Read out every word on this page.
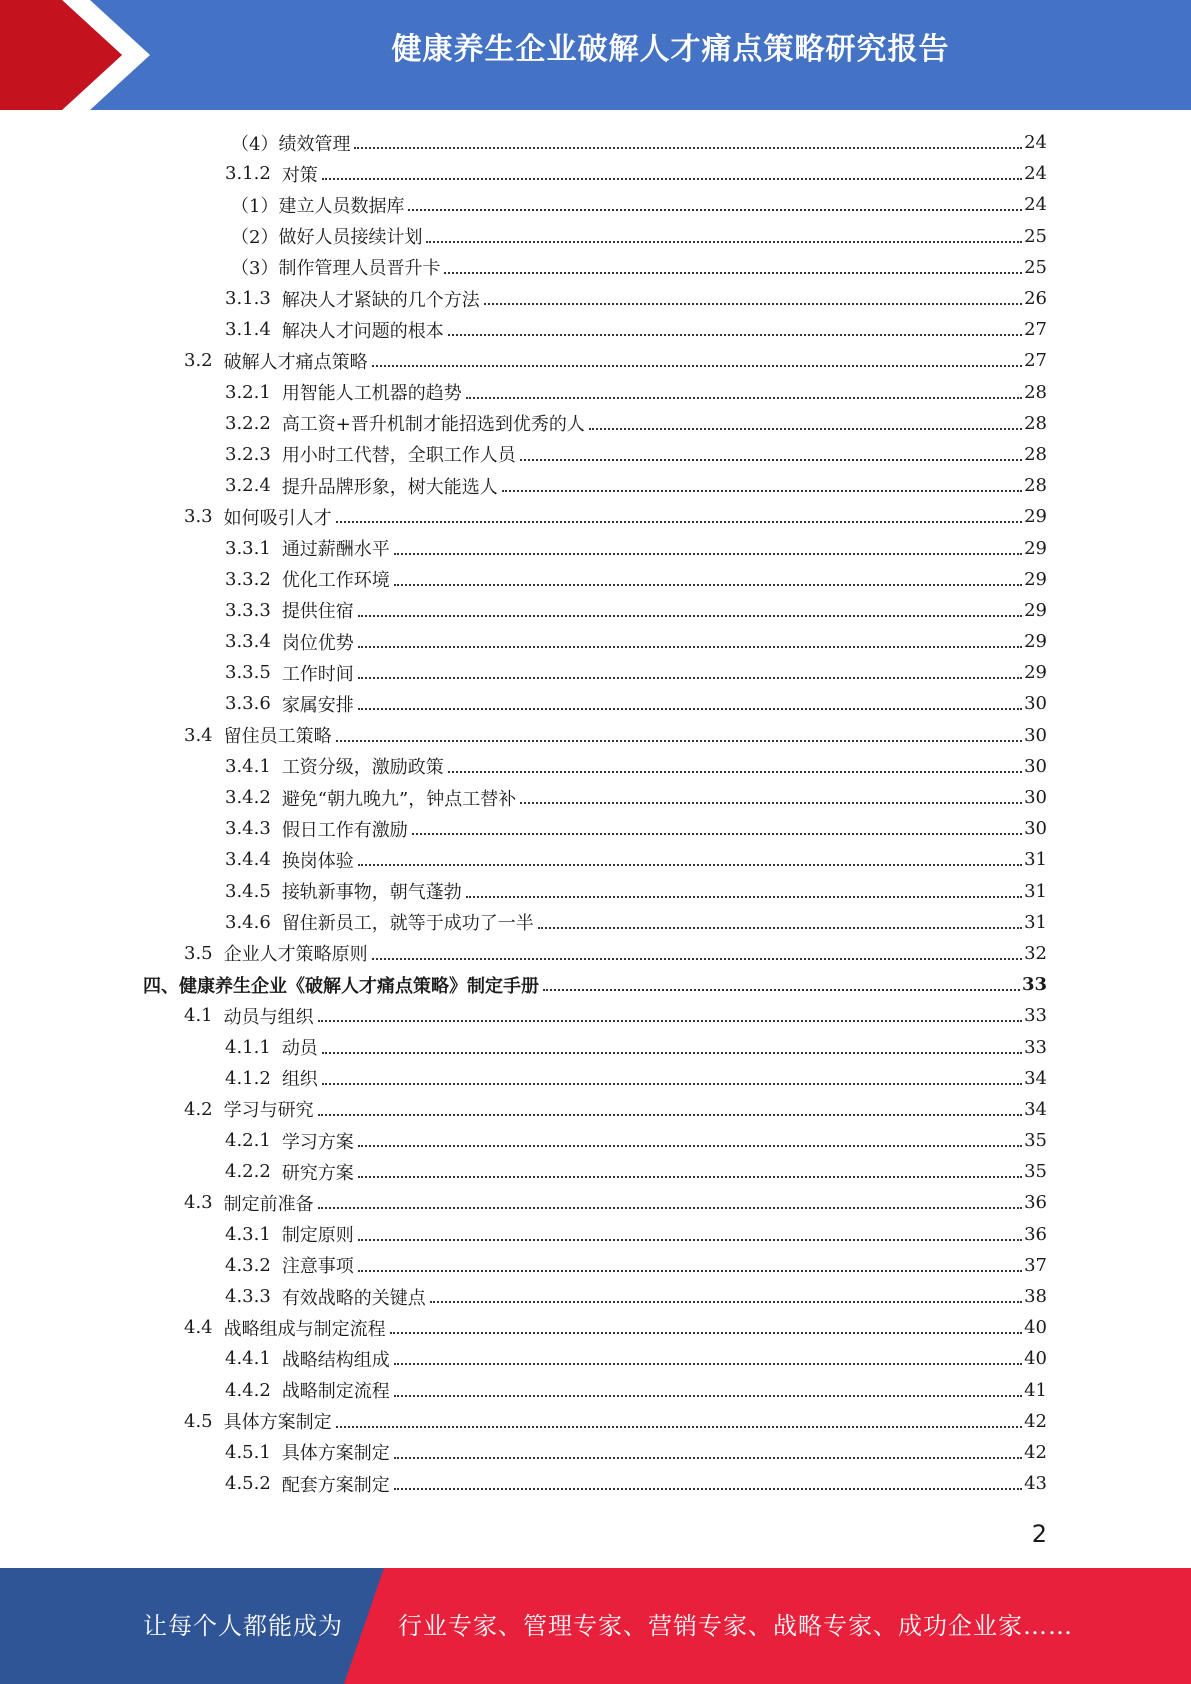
健康养生企业破解人才痛点策略研究报告
（4）绩效管理	24
3.1.2 对策	24
（1）建立人员数据库	24
（2）做好人员接续计划	25
（3）制作管理人员晋升卡	25
3.1.3 解决人才紧缺的几个方法	26
3.1.4 解决人才问题的根本	27
3.2 破解人才痛点策略	27
3.2.1 用智能人工机器的趋势	28
3.2.2 高工资+晋升机制才能招选到优秀的人	28
3.2.3 用小时工代替，全职工作人员	28
3.2.4 提升品牌形象，树大能选人	28
3.3 如何吸引人才	29
3.3.1 通过薪酬水平	29
3.3.2 优化工作环境	29
3.3.3 提供住宿	29
3.3.4 岗位优势	29
3.3.5 工作时间	29
3.3.6 家属安排	30
3.4 留住员工策略	30
3.4.1 工资分级，激励政策	30
3.4.2 避免“朝九晚九”，钟点工替补	30
3.4.3 假日工作有激励	30
3.4.4 换岗体验	31
3.4.5 接轨新事物，朝气蓬勃	31
3.4.6 留住新员工，就等于成功了一半	31
3.5 企业人才策略原则	32
四、健康养生企业《破解人才痛点策略》制定手册	33
4.1 动员与组织	33
4.1.1 动员	33
4.1.2 组织	34
4.2 学习与研究	34
4.2.1 学习方案	35
4.2.2 研究方案	35
4.3 制定前准备	36
4.3.1 制定原则	36
4.3.2 注意事项	37
4.3.3 有效战略的关键点	38
4.4 战略组成与制定流程	40
4.4.1 战略结构组成	40
4.4.2 战略制定流程	41
4.5 具体方案制定	42
4.5.1 具体方案制定	42
4.5.2 配套方案制定	43
2
让每个人都能成为 行业专家、管理专家、营销专家、战略专家、成功企业家……
